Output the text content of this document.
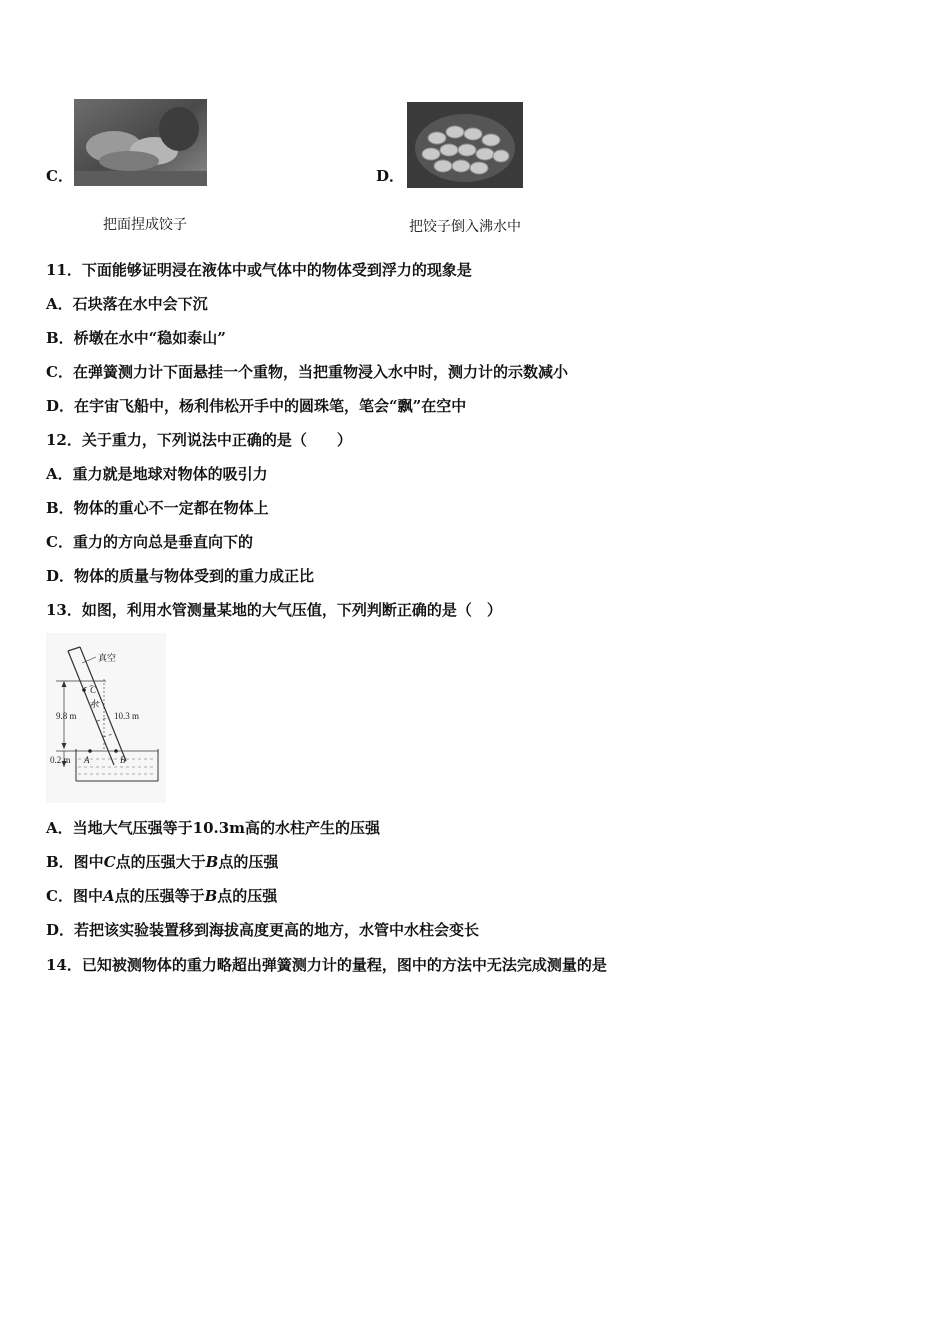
C．
把面捏成饺子
D．
把饺子倒入沸水中
11．下面能够证明浸在液体中或气体中的物体受到浮力的现象是
A．石块落在水中会下沉
B．桥墩在水中“稳如泰山”
C．在弹簧测力计下面悬挂一个重物，当把重物浸入水中时，测力计的示数减小
D．在宇宙飞船中，杨利伟松开手中的圆珠笔，笔会“飘”在空中
12．关于重力，下列说法中正确的是（　　）
A．重力就是地球对物体的吸引力
B．物体的重心不一定都在物体上
C．重力的方向总是垂直向下的
D．物体的质量与物体受到的重力成正比
13．如图，利用水管测量某地的大气压值，下列判断正确的是（　）
真空
C
水
9.8 m	10.3 m
A	B
0.2 m
A．当地大气压强等于10.3m高的水柱产生的压强
B．图中C点的压强大于B点的压强
C．图中A点的压强等于B点的压强
D．若把该实验装置移到海拔高度更高的地方，水管中水柱会变长
14．已知被测物体的重力略超出弹簧测力计的量程，图中的方法中无法完成测量的是
